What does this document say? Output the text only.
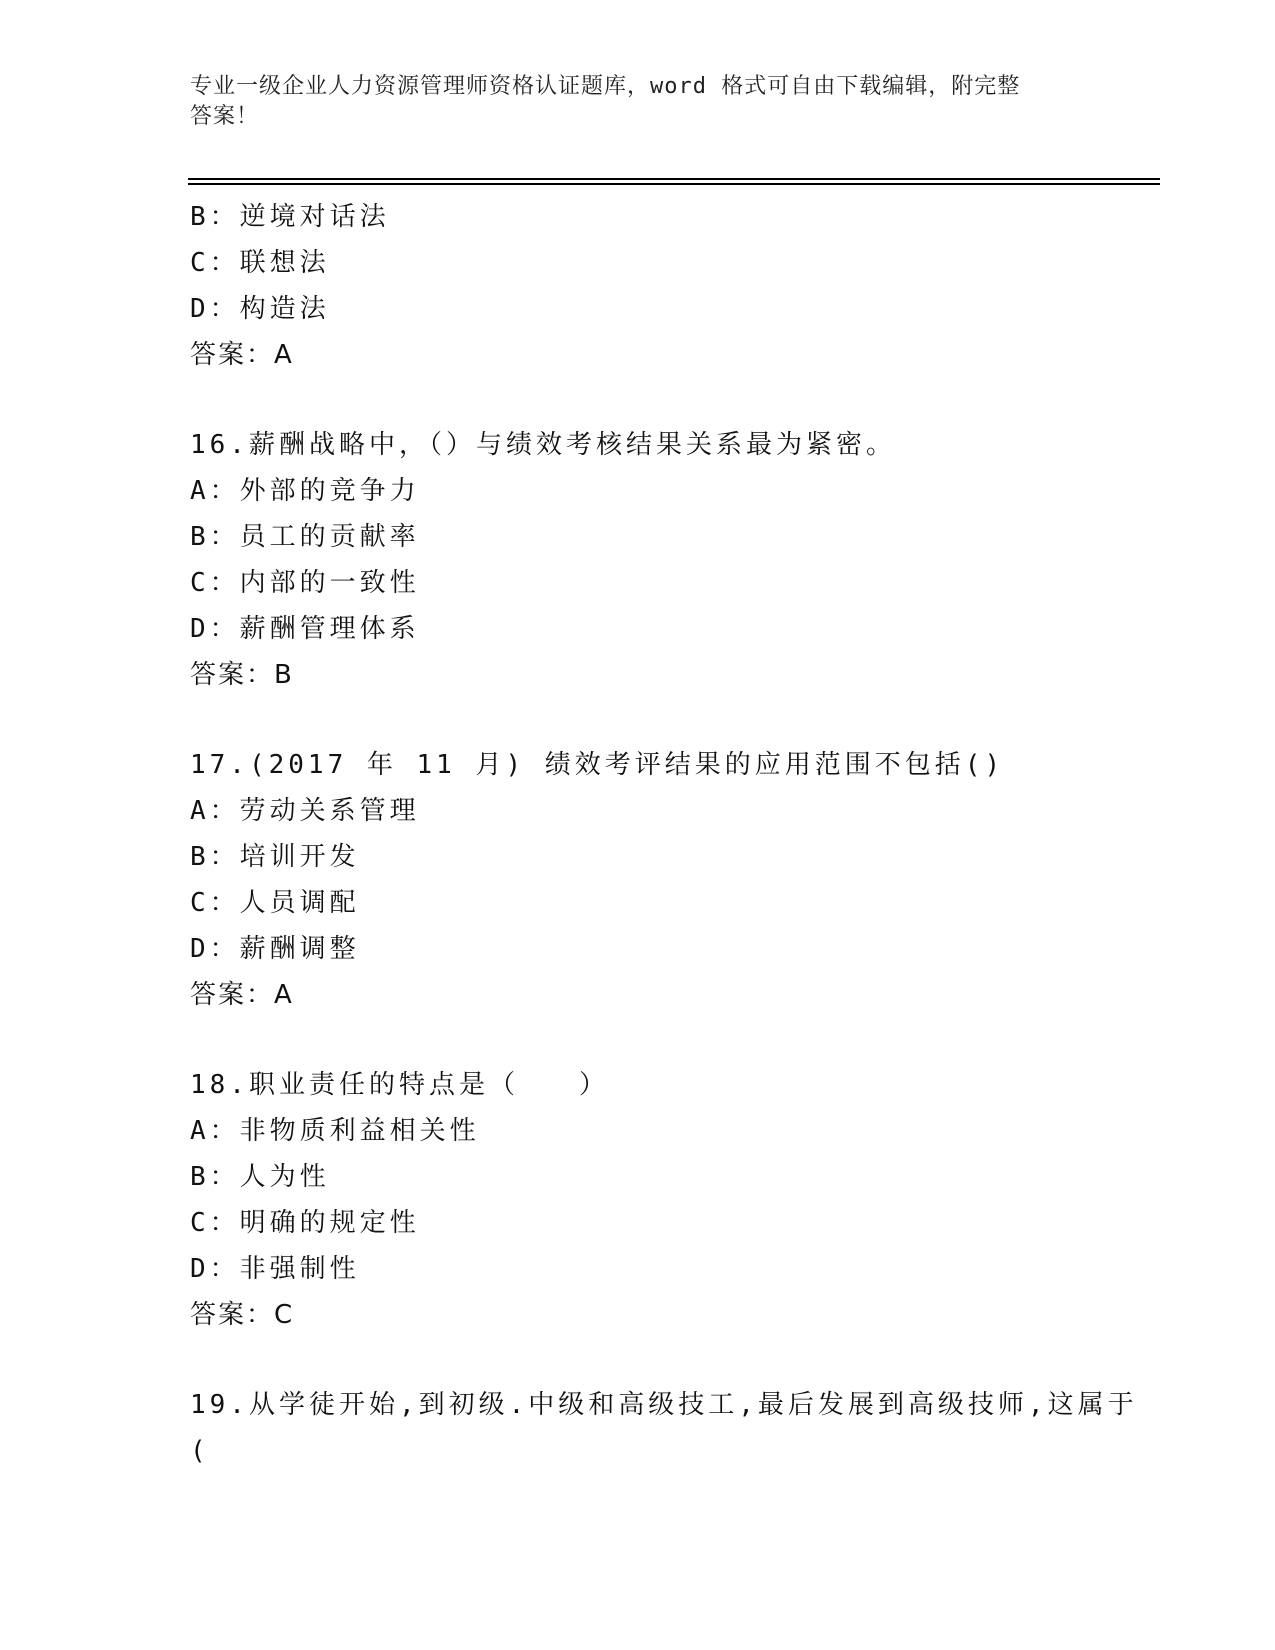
专业一级企业人力资源管理师资格认证题库，word 格式可自由下载编辑，附完整
答案！
B：逆境对话法
C：联想法
D：构造法
答案：A
16.薪酬战略中，（）与绩效考核结果关系最为紧密。
A：外部的竞争力
B：员工的贡献率
C：内部的一致性
D：薪酬管理体系
答案：B
17.(2017 年 11 月) 绩效考评结果的应用范围不包括()
A：劳动关系管理
B：培训开发
C：人员调配
D：薪酬调整
答案：A
18.职业责任的特点是（　　）
A：非物质利益相关性
B：人为性
C：明确的规定性
D：非强制性
答案：C
19.从学徒开始,到初级.中级和高级技工,最后发展到高级技师,这属于
(
